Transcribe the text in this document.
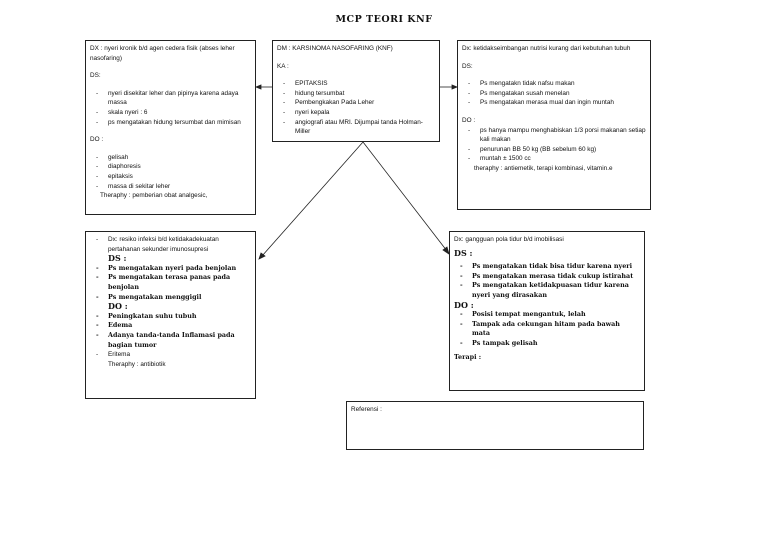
MCP TEORI KNF

DX : nyeri kronik b/d agen cedera fisik (abses leher nasofaring)

DS:

- nyeri disekitar leher dan pipinya karena adaya massa
- skala nyeri : 6
- ps mengatakan hidung tersumbat dan mimisan

DO :

- gelisah
- diaphoresis
- epitaksis
- massa di sekitar leher

Theraphy : pemberian obat analgesic,

DM : KARSINOMA NASOFARING (KNF)

KA :

- EPITAKSIS
- hidung tersumbat
- Pembengkakan Pada Leher
- nyeri kepala
- angiografi atau MRI. Dijumpai tanda Holman-Miller

Dx: ketidakseimbangan nutrisi kurang dari kebutuhan tubuh

DS:

- Ps mengatakn tidak nafsu makan
- Ps mengatakan susah menelan
- Ps mengatakan merasa mual dan ingin muntah

DO :

- ps hanya mampu menghabiskan 1/3 porsi makanan setiap kali makan
- penurunan BB 50 kg (BB sebelum 60 kg)
- muntah ± 1500 cc

theraphy : antiemetik, terapi kombinasi, vitamin.e

- Dx: resiko infeksi b/d ketidakadekuatan pertahanan sekunder imunosupresi

DS :

- Ps mengatakan nyeri pada benjolan
- Ps mengatakan terasa panas pada benjolan
- Ps mengatakan menggigil

DO :

- Peningkatan suhu tubuh
- Edema
- Adanya tanda-tanda Inflamasi pada bagian tumor
- Eritema

Theraphy : antibiotik

Dx: gangguan pola tidur b/d imobilisasi

DS :

- Ps mengatakan tidak bisa tidur karena nyeri
- Ps mengatakan merasa tidak cukup istirahat
- Ps mengatakan ketidakpuasan tidur karena nyeri yang dirasakan

DO :

- Posisi tempat mengantuk, lelah
- Tampak ada cekungan hitam pada bawah mata
- Ps tampak gelisah

Terapi :

Referensi :
